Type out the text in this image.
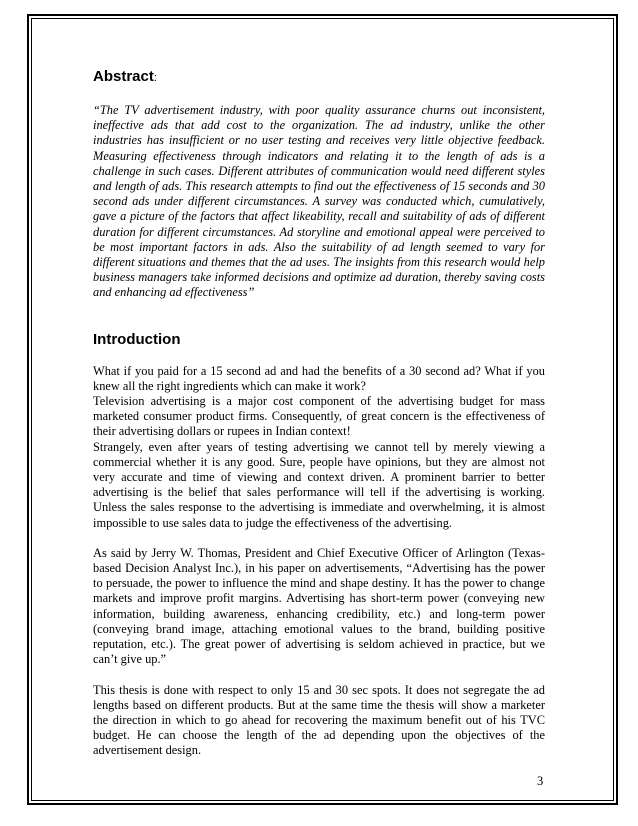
Abstract:

“The TV advertisement industry, with poor quality assurance churns out inconsistent, ineffective ads that add cost to the organization. The ad industry, unlike the other industries has insufficient or no user testing and receives very little objective feedback. Measuring effectiveness through indicators and relating it to the length of ads is a challenge in such cases. Different attributes of communication would need different styles and length of ads. This research attempts to find out the effectiveness of 15 seconds and 30 second ads under different circumstances. A survey was conducted which, cumulatively, gave a picture of the factors that affect likeability, recall and suitability of ads of different duration for different circumstances. Ad storyline and emotional appeal were perceived to be most important factors in ads. Also the suitability of ad length seemed to vary for different situations and themes that the ad uses. The insights from this research would help business managers take informed decisions and optimize ad duration, thereby saving costs and enhancing ad effectiveness”

Introduction

What if you paid for a 15 second ad and had the benefits of a 30 second ad? What if you knew all the right ingredients which can make it work?

Television advertising is a major cost component of the advertising budget for mass marketed consumer product firms. Consequently, of great concern is the effectiveness of their advertising dollars or rupees in Indian context!

Strangely, even after years of testing advertising we cannot tell by merely viewing a commercial whether it is any good. Sure, people have opinions, but they are almost not very accurate and time of viewing and context driven. A prominent barrier to better advertising is the belief that sales performance will tell if the advertising is working. Unless the sales response to the advertising is immediate and overwhelming, it is almost impossible to use sales data to judge the effectiveness of the advertising.

As said by Jerry W. Thomas, President and Chief Executive Officer of Arlington (Texas-based Decision Analyst Inc.), in his paper on advertisements, “Advertising has the power to persuade, the power to influence the mind and shape destiny. It has the power to change markets and improve profit margins. Advertising has short-term power (conveying new information, building awareness, enhancing credibility, etc.) and long-term power (conveying brand image, attaching emotional values to the brand, building positive reputation, etc.). The great power of advertising is seldom achieved in practice, but we can’t give up.”

This thesis is done with respect to only 15 and 30 sec spots. It does not segregate the ad lengths based on different products. But at the same time the thesis will show a marketer the direction in which to go ahead for recovering the maximum benefit out of his TVC budget. He can choose the length of the ad depending upon the objectives of the advertisement design.

3
